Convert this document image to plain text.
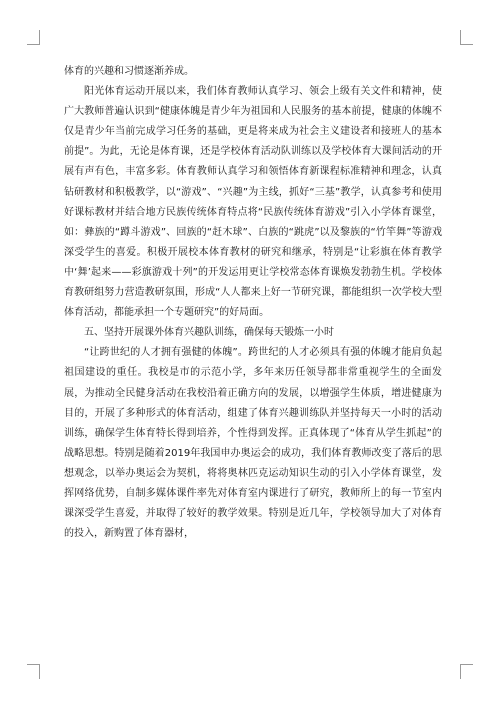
体育的兴趣和习惯逐渐养成。

阳光体育运动开展以来，我们体育教师认真学习、领会上级有关文件和精神，使广大教师普遍认识到“健康体魄是青少年为祖国和人民服务的基本前提，健康的体魄不仅是青少年当前完成学习任务的基础，更是将来成为社会主义建设者和接班人的基本前提”。为此，无论是体育课，还是学校体育活动队训练以及学校体育大课间活动的开展有声有色，丰富多彩。体育教师认真学习和领悟体育新课程标准精神和理念，认真钻研教材和积极教学，以“游戏”、“兴趣”为主线，抓好“三基”教学，认真参考和使用好课标教材并结合地方民族传统体育特点将“民族传统体育游戏”引入小学体育课堂，如：彝族的“蹲斗游戏”、回族的“赶木球”、白族的“跳虎”以及黎族的“竹竿舞”等游戏深受学生的喜爱。积极开展校本体育教材的研究和继承，特别是“让彩旗在体育教学中‘舞’起来——彩旗游戏十列”的开发运用更让学校常态体育课焕发勃勃生机。学校体育教研组努力营造教研氛围，形成“人人都来上好一节研究课，都能组织一次学校大型体育活动，都能承担一个专题研究”的好局面。

五、坚持开展课外体育兴趣队训练，确保每天锻炼一小时

“让跨世纪的人才拥有强健的体魄”。跨世纪的人才必须具有强的体魄才能肩负起祖国建设的重任。我校是市的示范小学，多年来历任领导都非常重视学生的全面发展，为推动全民健身活动在我校沿着正确方向的发展，以增强学生体质，增进健康为目的，开展了多种形式的体育活动，组建了体育兴趣训练队并坚持每天一小时的活动训练，确保学生体育特长得到培养，个性得到发挥。正真体现了“体育从学生抓起”的战略思想。特别是随着2019年我国申办奥运会的成功，我们体育教师改变了落后的思想观念，以举办奥运会为契机，将将奥林匹克运动知识生动的引入小学体育课堂，发挥网络优势，自制多媒体课件率先对体育室内课进行了研究，教师所上的每一节室内课深受学生喜爱，并取得了较好的教学效果。特别是近几年，学校领导加大了对体育的投入，新购置了体育器材，
